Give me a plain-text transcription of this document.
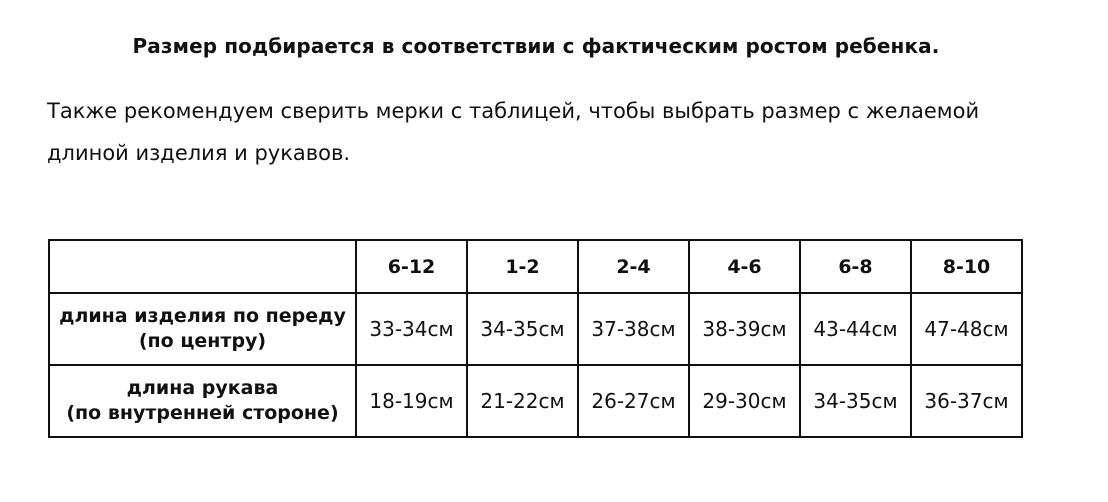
Размер подбирается в соответствии с фактическим ростом ребенка.

Также рекомендуем сверить мерки с таблицей, чтобы выбрать размер с желаемой
длиной изделия и рукавов.

	6-12	1-2	2-4	4-6	6-8	8-10

длина изделия по переду
(по центру)	33-34см	34-35см	37-38см	38-39см	43-44см	47-48см

длина рукава
(по внутренней стороне)	18-19см	21-22см	26-27см	29-30см	34-35см	36-37см
